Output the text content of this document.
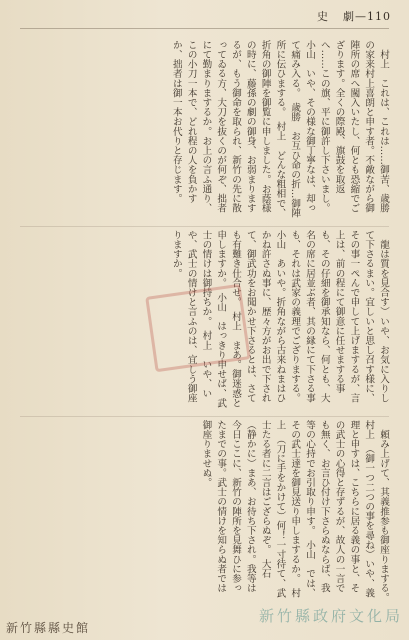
史 劇—110

　村上　これは、これは……御苦、歳勝の家来村上喜朗と申す者。不敵ながら御陣所の席へ闖入いたし、何とも恐縮でござります。全くの際殿、旗鼓を取返へ……この旗、平に御許し下さいまし。　小山　いや、その様な御丁寧なは、却って痛み入る。　歳勝　お互ひ命の折…御陣所に伝ひまする。　村上　どんな粗相で、折角の御陣を御覧に申しました。お蔭様の時に、藤孫の劇の御身、お弱まりまするが、もう御命を取られ、新竹の先に散ってゐる方、大刀を抜くのが何ぞ、拙者にて勤まりまするか。お上の言ふ通り、この小刀一本で、どれ程の人を負かすか、拙者は御一本お代りと存じます。

　龍は質を見合す）いや、お気に入りして下さるまい。宜しいと思し召す様に、その事一ぺんで申して上げまするが、言上は、前の程にて御意に任せまする事も、その仔細を御承知なら、何とも、大名の席に居並ぶ者、其の縁にて下さる事も、それは武家の義理でござりまする。　小山　あいや。折角ながら古来ねまはひかね許さぬ事に、歴々方がお出で下されて、御武功をお聞かせ下さるとは、さても有難き仕合せ。　村上　まあ。御迷惑と申しますか。　小山　はっきり申せば、武士の情けは御持ちか。　村上　いや、いや、武士の情けと言ふのは、宜しう御座りますか。

　頼み上げて、其義推参も御座りまする。　村上　（御一つ二つの事を尋ね）いや、義理と申すは、こちらに居る義の事と、その武士の心得と存ずるが、故人の一言でも無く、お言ひ付け下さらぬならば、我等の心持でお引取り申す。　小山　では、その武士達を御見送り申しまするか。　村上　（刀に手をかけて）何！一寸待て、武士たる者に二言はござらぬぞ。　大石　（静かに）まあ、お待ち下され。我等は今日ここに、新竹の陣所を見舞ひに参ったまでの事。武士の情けを知らぬ者では御座りませぬ。

新竹縣政府文化局
新竹縣縣史館
